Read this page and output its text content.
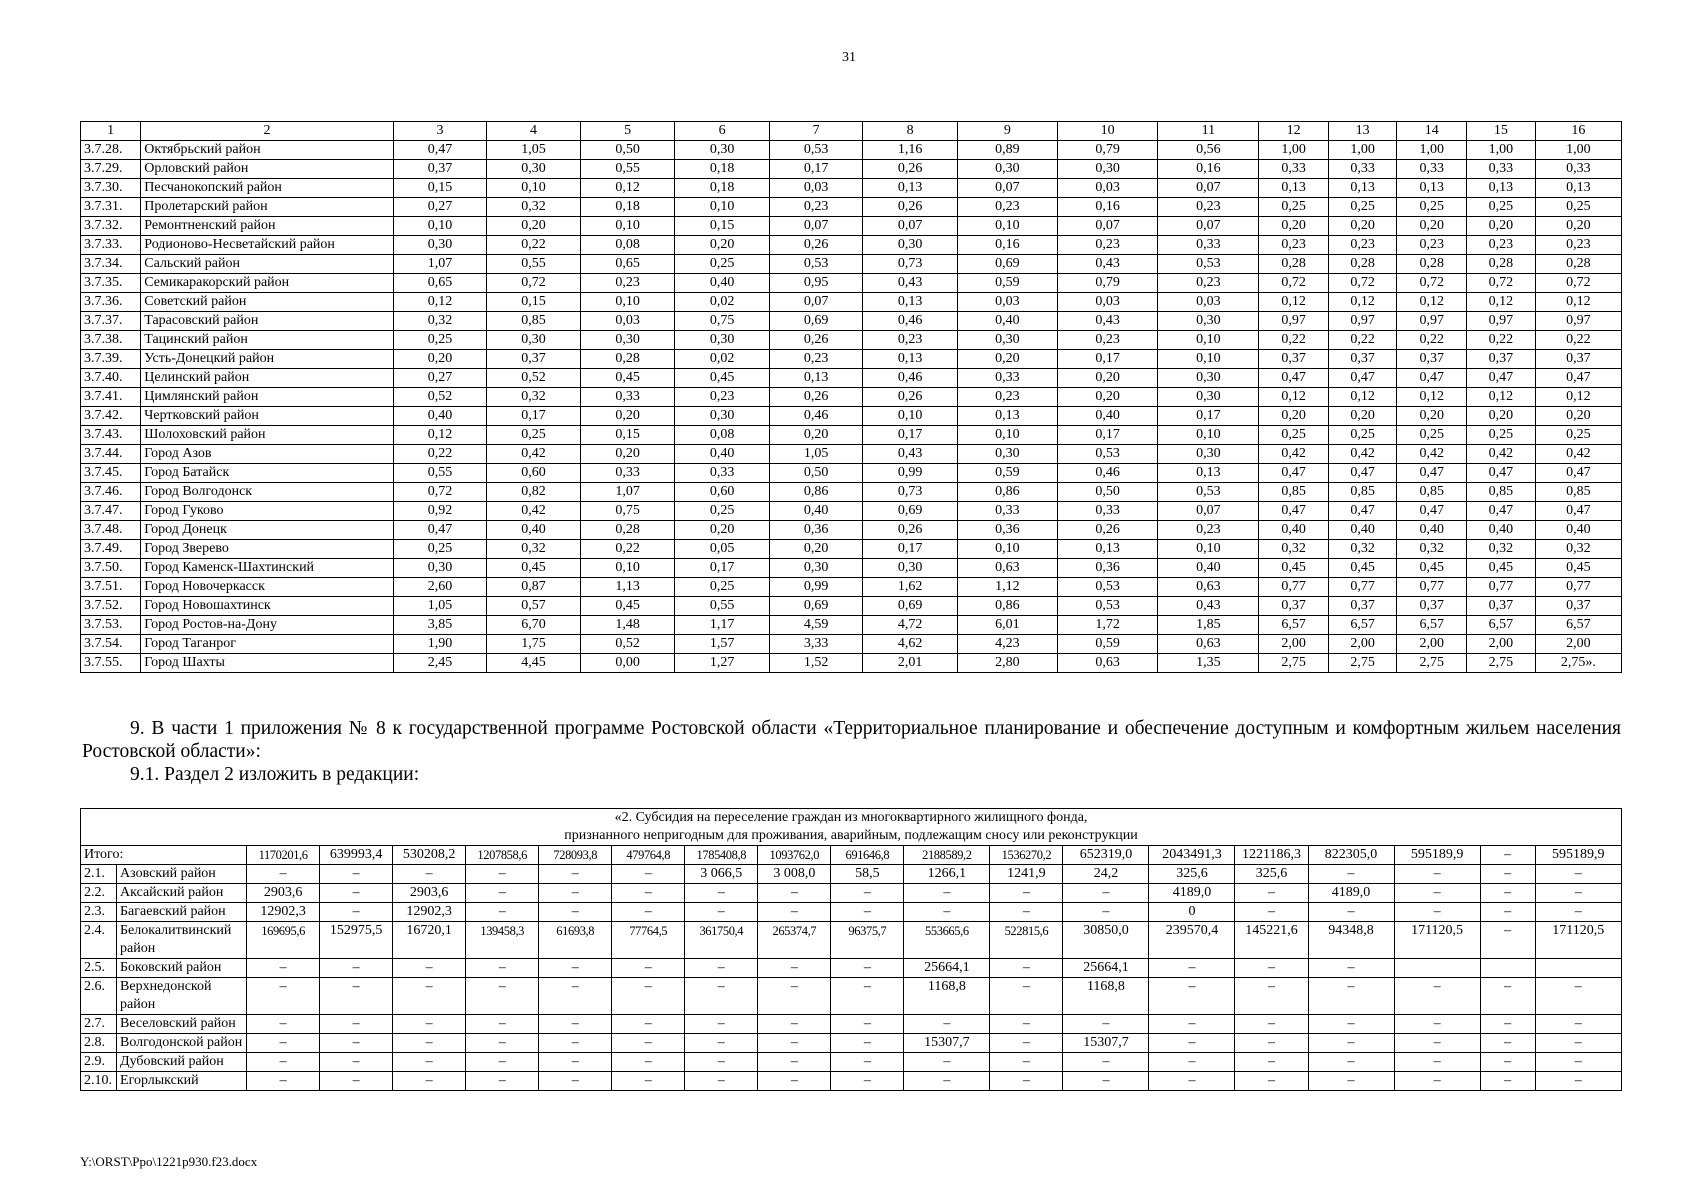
31
1	2	3	4	5	6	7	8	9	10	11	12	13	14	15	16
3.7.28.	Октябрьский район	0,47	1,05	0,50	0,30	0,53	1,16	0,89	0,79	0,56	1,00	1,00	1,00	1,00	1,00
3.7.29.	Орловский район	0,37	0,30	0,55	0,18	0,17	0,26	0,30	0,30	0,16	0,33	0,33	0,33	0,33	0,33
3.7.30.	Песчанокопский район	0,15	0,10	0,12	0,18	0,03	0,13	0,07	0,03	0,07	0,13	0,13	0,13	0,13	0,13
3.7.31.	Пролетарский район	0,27	0,32	0,18	0,10	0,23	0,26	0,23	0,16	0,23	0,25	0,25	0,25	0,25	0,25
3.7.32.	Ремонтненский район	0,10	0,20	0,10	0,15	0,07	0,07	0,10	0,07	0,07	0,20	0,20	0,20	0,20	0,20
3.7.33.	Родионово-Несветайский район	0,30	0,22	0,08	0,20	0,26	0,30	0,16	0,23	0,33	0,23	0,23	0,23	0,23	0,23
3.7.34.	Сальский район	1,07	0,55	0,65	0,25	0,53	0,73	0,69	0,43	0,53	0,28	0,28	0,28	0,28	0,28
3.7.35.	Семикаракорский район	0,65	0,72	0,23	0,40	0,95	0,43	0,59	0,79	0,23	0,72	0,72	0,72	0,72	0,72
3.7.36.	Советский район	0,12	0,15	0,10	0,02	0,07	0,13	0,03	0,03	0,03	0,12	0,12	0,12	0,12	0,12
3.7.37.	Тарасовский район	0,32	0,85	0,03	0,75	0,69	0,46	0,40	0,43	0,30	0,97	0,97	0,97	0,97	0,97
3.7.38.	Тацинский район	0,25	0,30	0,30	0,30	0,26	0,23	0,30	0,23	0,10	0,22	0,22	0,22	0,22	0,22
3.7.39.	Усть-Донецкий район	0,20	0,37	0,28	0,02	0,23	0,13	0,20	0,17	0,10	0,37	0,37	0,37	0,37	0,37
3.7.40.	Целинский район	0,27	0,52	0,45	0,45	0,13	0,46	0,33	0,20	0,30	0,47	0,47	0,47	0,47	0,47
3.7.41.	Цимлянский район	0,52	0,32	0,33	0,23	0,26	0,26	0,23	0,20	0,30	0,12	0,12	0,12	0,12	0,12
3.7.42.	Чертковский район	0,40	0,17	0,20	0,30	0,46	0,10	0,13	0,40	0,17	0,20	0,20	0,20	0,20	0,20
3.7.43.	Шолоховский район	0,12	0,25	0,15	0,08	0,20	0,17	0,10	0,17	0,10	0,25	0,25	0,25	0,25	0,25
3.7.44.	Город Азов	0,22	0,42	0,20	0,40	1,05	0,43	0,30	0,53	0,30	0,42	0,42	0,42	0,42	0,42
3.7.45.	Город Батайск	0,55	0,60	0,33	0,33	0,50	0,99	0,59	0,46	0,13	0,47	0,47	0,47	0,47	0,47
3.7.46.	Город Волгодонск	0,72	0,82	1,07	0,60	0,86	0,73	0,86	0,50	0,53	0,85	0,85	0,85	0,85	0,85
3.7.47.	Город Гуково	0,92	0,42	0,75	0,25	0,40	0,69	0,33	0,33	0,07	0,47	0,47	0,47	0,47	0,47
3.7.48.	Город Донецк	0,47	0,40	0,28	0,20	0,36	0,26	0,36	0,26	0,23	0,40	0,40	0,40	0,40	0,40
3.7.49.	Город Зверево	0,25	0,32	0,22	0,05	0,20	0,17	0,10	0,13	0,10	0,32	0,32	0,32	0,32	0,32
3.7.50.	Город Каменск-Шахтинский	0,30	0,45	0,10	0,17	0,30	0,30	0,63	0,36	0,40	0,45	0,45	0,45	0,45	0,45
3.7.51.	Город Новочеркасск	2,60	0,87	1,13	0,25	0,99	1,62	1,12	0,53	0,63	0,77	0,77	0,77	0,77	0,77
3.7.52.	Город Новошахтинск	1,05	0,57	0,45	0,55	0,69	0,69	0,86	0,53	0,43	0,37	0,37	0,37	0,37	0,37
3.7.53.	Город Ростов-на-Дону	3,85	6,70	1,48	1,17	4,59	4,72	6,01	1,72	1,85	6,57	6,57	6,57	6,57	6,57
3.7.54.	Город Таганрог	1,90	1,75	0,52	1,57	3,33	4,62	4,23	0,59	0,63	2,00	2,00	2,00	2,00	2,00
3.7.55.	Город Шахты	2,45	4,45	0,00	1,27	1,52	2,01	2,80	0,63	1,35	2,75	2,75	2,75	2,75	2,75».
9. В части 1 приложения № 8 к государственной программе Ростовской области «Территориальное планирование и обеспечение доступным и комфортным жильем населения Ростовской области»:
9.1. Раздел 2 изложить в редакции:
«2. Субсидия на переселение граждан из многоквартирного жилищного фонда,
признанного непригодным для проживания, аварийным, подлежащим сносу или реконструкции																			

Итого:		1170201,6	639993,4	530208,2	1207858,6	728093,8	479764,8	1785408,8	1093762,0	691646,8	2188589,2	1536270,2	652319,0	2043491,3	1221186,3	822305,0	595189,9	–	595189,9
2.1.	Азовский район	–	–	–	–	–	–	3 066,5	3 008,0	58,5	1266,1	1241,9	24,2	325,6	325,6	–	–	–	–
2.2.	Аксайский район	2903,6	–	2903,6	–	–	–	–	–	–	–	–	–	4189,0	–	4189,0	–	–	–
2.3.	Багаевский район	12902,3	–	12902,3	–	–	–	–	–	–	–	–	–	0	–	–	–	–	–
2.4.	Белокалитвинский район	169695,6	152975,5	16720,1	139458,3	61693,8	77764,5	361750,4	265374,7	96375,7	553665,6	522815,6	30850,0	239570,4	145221,6	94348,8	171120,5	–	171120,5
2.5.	Боковский район	–	–	–	–	–	–	–	–	–	25664,1	–	25664,1	–	–	–			
2.6.	Верхнедонской район	–	–	–	–	–	–	–	–	–	1168,8	–	1168,8	–	–	–	–	–	–
2.7.	Веселовский район	–	–	–	–	–	–	–	–	–	–	–	–	–	–	–	–	–	–
2.8.	Волгодонской район	–	–	–	–	–	–	–	–	–	15307,7	–	15307,7	–	–	–	–	–	–
2.9.	Дубовский район	–	–	–	–	–	–	–	–	–	–	–	–	–	–	–	–	–	–
2.10.	Егорлыкский	–	–	–	–	–	–	–	–	–	–	–	–	–	–	–	–	–	–
Y:\ORST\Ppo\1221p930.f23.docx
